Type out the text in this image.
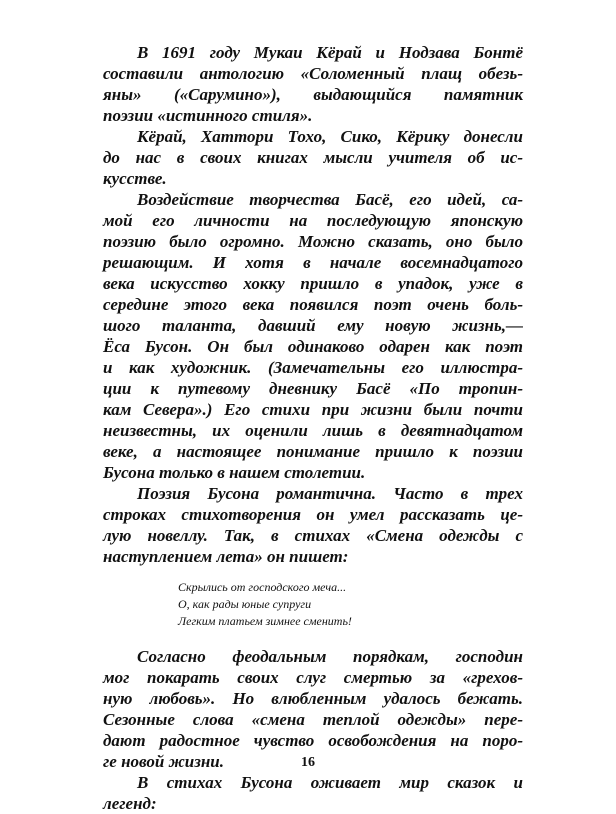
В 1691 году Мукаи Кёрай и Нодзава Бонтё
составили антологию «Соломенный плащ обезь-
яны» («Сарумино»), выдающийся памятник
поэзии «истинного стиля».
Кёрай, Хаттори Тохо, Сико, Кёрику донесли
до нас в своих книгах мысли учителя об ис-
кусстве.
Воздействие творчества Басё, его идей, са-
мой его личности на последующую японскую
поэзию было огромно. Можно сказать, оно было
решающим. И хотя в начале восемнадцатого
века искусство хокку пришло в упадок, уже в
середине этого века появился поэт очень боль-
шого таланта, давший ему новую жизнь,—
Ёса Бусон. Он был одинаково одарен как поэт
и как художник. (Замечательны его иллюстра-
ции к путевому дневнику Басё «По тропин-
кам Севера».) Его стихи при жизни были почти
неизвестны, их оценили лишь в девятнадцатом
веке, а настоящее понимание пришло к поэзии
Бусона только в нашем столетии.
Поэзия Бусона романтична. Часто в трех
строках стихотворения он умел рассказать це-
лую новеллу. Так, в стихах «Смена одежды с
наступлением лета» он пишет:
Скрылись от господского меча...
О, как рады юные супруги
Легким платьем зимнее сменить!
Согласно феодальным порядкам, господин
мог покарать своих слуг смертью за «грехов-
ную любовь». Но влюбленным удалось бежать.
Сезонные слова «смена теплой одежды» пере-
дают радостное чувство освобождения на поро-
ге новой жизни.
В стихах Бусона оживает мир сказок и
легенд:
16
